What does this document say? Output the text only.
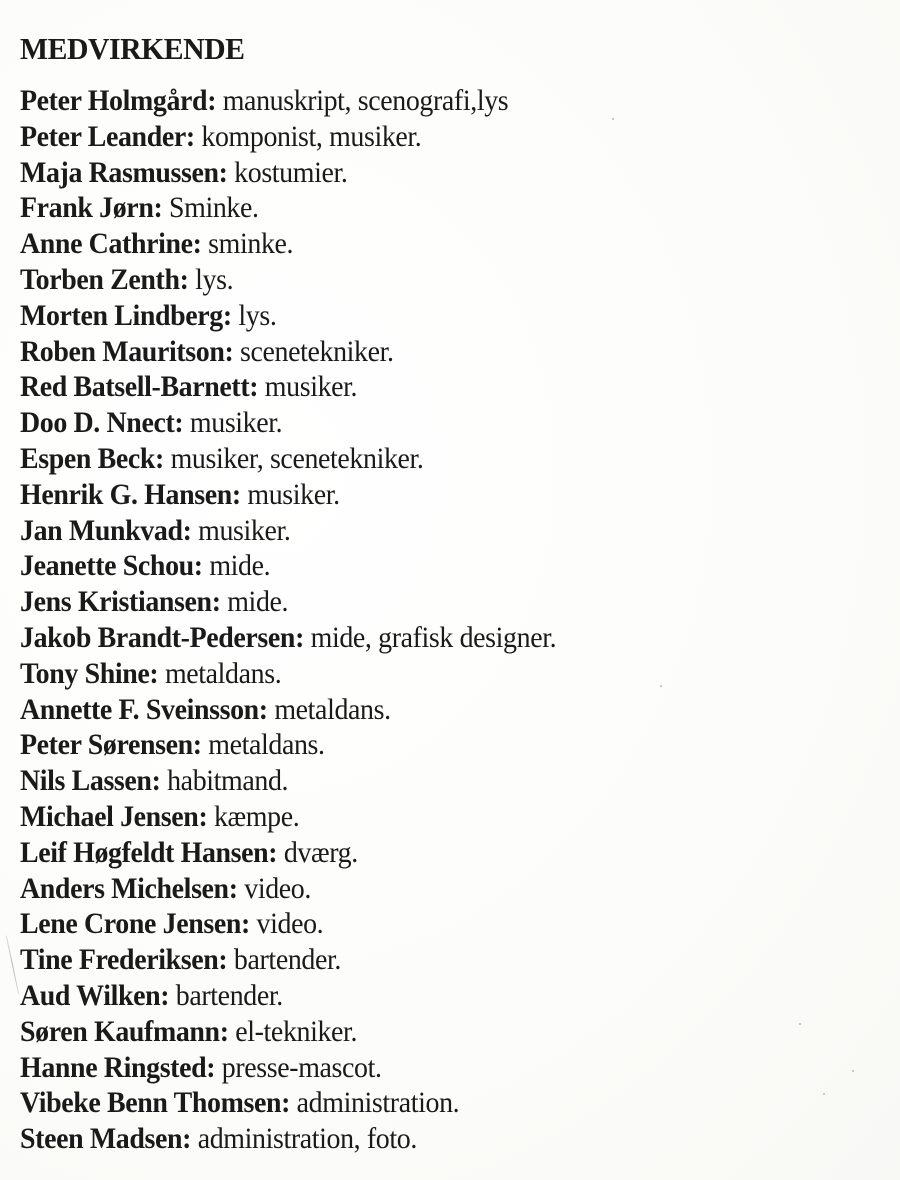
MEDVIRKENDE
Peter Holmgård: manuskript, scenografi,lys
Peter Leander: komponist, musiker.
Maja Rasmussen: kostumier.
Frank Jørn: Sminke.
Anne Cathrine: sminke.
Torben Zenth: lys.
Morten Lindberg: lys.
Roben Mauritson: scenetekniker.
Red Batsell-Barnett: musiker.
Doo D. Nnect: musiker.
Espen Beck: musiker, scenetekniker.
Henrik G. Hansen: musiker.
Jan Munkvad: musiker.
Jeanette Schou: mide.
Jens Kristiansen: mide.
Jakob Brandt-Pedersen: mide, grafisk designer.
Tony Shine: metaldans.
Annette F. Sveinsson: metaldans.
Peter Sørensen: metaldans.
Nils Lassen: habitmand.
Michael Jensen: kæmpe.
Leif Høgfeldt Hansen: dværg.
Anders Michelsen: video.
Lene Crone Jensen: video.
Tine Frederiksen: bartender.
Aud Wilken: bartender.
Søren Kaufmann: el-tekniker.
Hanne Ringsted: presse-mascot.
Vibeke Benn Thomsen: administration.
Steen Madsen: administration, foto.
